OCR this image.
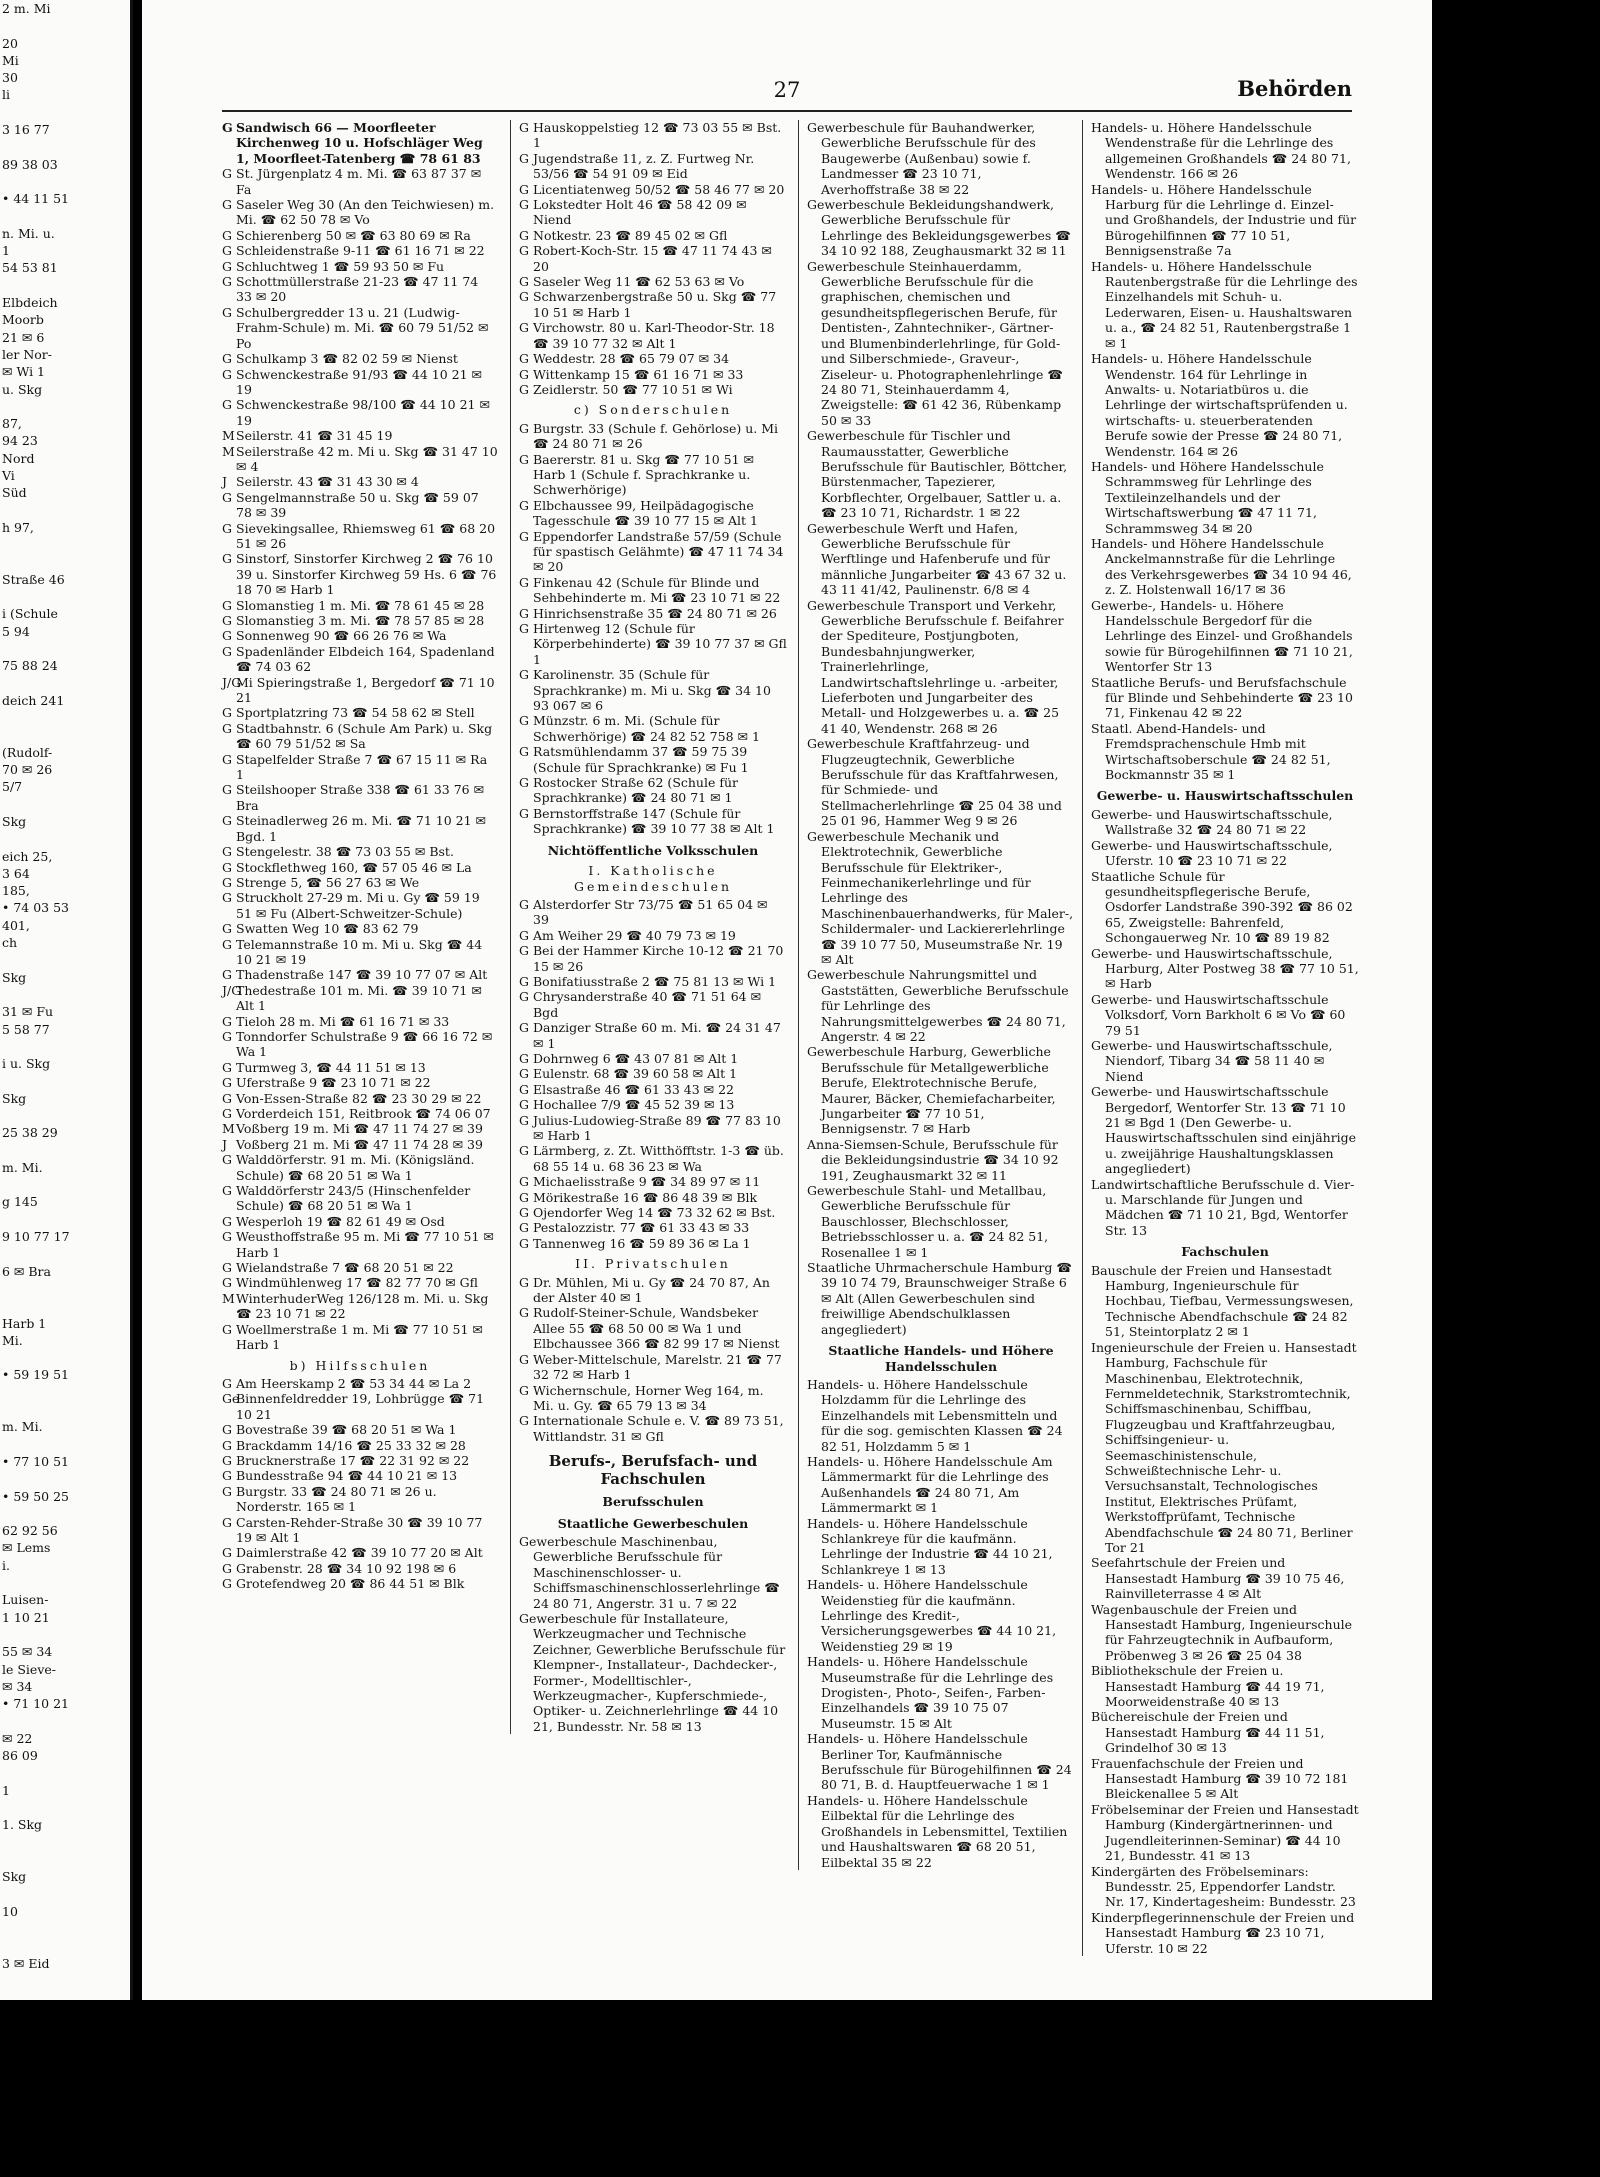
2 m. Mi

20
Mi
30
li

3 16 77

89 38 03

• 44 11 51

n. Mi. u.
1
54 53 81

Elbdeich
Moorb
21 ✉ 6
ler Nor-
✉ Wi 1
u. Skg

87,
94 23
Nord
Vi
Süd

h 97,

Straße 46

i (Schule
5 94

75 88 24

deich 241

(Rudolf-
70 ✉ 26
5/7

Skg

eich 25,
3 64
185,
• 74 03 53
401,
ch

Skg

31 ✉ Fu
5 58 77

i u. Skg

Skg

25 38 29

m. Mi.

g 145

9 10 77 17

6 ✉ Bra

Harb 1
Mi.

• 59 19 51

m. Mi.

• 77 10 51

• 59 50 25

62 92 56
✉ Lems
i.

Luisen-
1 10 21

55 ✉ 34
le Sieve-
✉ 34
• 71 10 21

✉ 22
86 09

1

1. Skg

Skg

10

3 ✉ Eid
27	Behörden
G Sandwisch 66 — Moorfleeter Kirchenweg 10 u. Hofschläger Weg 1, Moorfleet-Tatenberg ☎ 78 61 83
G St. Jürgenplatz 4 m. Mi. ☎ 63 87 37 ✉ Fa
G Saseler Weg 30 (An den Teichwiesen) m. Mi. ☎ 62 50 78 ✉ Vo
G Schierenberg 50 ✉ ☎ 63 80 69 ✉ Ra
G Schleidenstraße 9-11 ☎ 61 16 71 ✉ 22
G Schluchtweg 1 ☎ 59 93 50 ✉ Fu
G Schottmüllerstraße 21-23 ☎ 47 11 74 33 ✉ 20
G Schulbergredder 13 u. 21 (Ludwig-Frahm-Schule) m. Mi. ☎ 60 79 51/52 ✉ Po
G Schulkamp 3 ☎ 82 02 59 ✉ Nienst
G Schwenckestraße 91/93 ☎ 44 10 21 ✉ 19
G Schwenckestraße 98/100 ☎ 44 10 21 ✉ 19
MSeilerstr. 41 ☎ 31 45 19
MSeilerstraße 42 m. Mi u. Skg ☎ 31 47 10 ✉ 4
J Seilerstr. 43 ☎ 31 43 30 ✉ 4
G Sengelmannstraße 50 u. Skg ☎ 59 07 78 ✉ 39
G Sievekingsallee, Rhiemsweg 61 ☎ 68 20 51 ✉ 26
G Sinstorf, Sinstorfer Kirchweg 2 ☎ 76 10 39 u. Sinstorfer Kirchweg 59 Hs. 6 ☎ 76 18 70 ✉ Harb 1
G Slomanstieg 1 m. Mi. ☎ 78 61 45 ✉ 28
G Slomanstieg 3 m. Mi. ☎ 78 57 85 ✉ 28
G Sonnenweg 90 ☎ 66 26 76 ✉ Wa
G Spadenländer Elbdeich 164, Spadenland ☎ 74 03 62
J/GMi Spieringstraße 1, Bergedorf ☎ 71 10 21
G Sportplatzring 73 ☎ 54 58 62 ✉ Stell
G Stadtbahnstr. 6 (Schule Am Park) u. Skg ☎ 60 79 51/52 ✉ Sa
G Stapelfelder Straße 7 ☎ 67 15 11 ✉ Ra 1
G Steilshooper Straße 338 ☎ 61 33 76 ✉ Bra
G Steinadlerweg 26 m. Mi. ☎ 71 10 21 ✉ Bgd. 1
G Stengelestr. 38 ☎ 73 03 55 ✉ Bst.
G Stockflethweg 160, ☎ 57 05 46 ✉ La
G Strenge 5, ☎ 56 27 63 ✉ We
G Struckholt 27-29 m. Mi u. Gy ☎ 59 19 51 ✉ Fu (Albert-Schweitzer-Schule)
G Swatten Weg 10 ☎ 83 62 79
G Telemannstraße 10 m. Mi u. Skg ☎ 44 10 21 ✉ 19
G Thadenstraße 147 ☎ 39 10 77 07 ✉ Alt
J/GThedestraße 101 m. Mi. ☎ 39 10 71 ✉ Alt 1
G Tieloh 28 m. Mi ☎ 61 16 71 ✉ 33
G Tonndorfer Schulstraße 9 ☎ 66 16 72 ✉ Wa 1
G Turmweg 3, ☎ 44 11 51 ✉ 13
G Uferstraße 9 ☎ 23 10 71 ✉ 22
G Von-Essen-Straße 82 ☎ 23 30 29 ✉ 22
G Vorderdeich 151, Reitbrook ☎ 74 06 07
MVoßberg 19 m. Mi ☎ 47 11 74 27 ✉ 39
J Voßberg 21 m. Mi ☎ 47 11 74 28 ✉ 39
G Walddörferstr. 91 m. Mi. (Königsländ. Schule) ☎ 68 20 51 ✉ Wa 1
G Walddörferstr 243/5 (Hinschenfelder Schule) ☎ 68 20 51 ✉ Wa 1
G Wesperloh 19 ☎ 82 61 49 ✉ Osd
G Weusthoffstraße 95 m. Mi ☎ 77 10 51 ✉ Harb 1
G Wielandstraße 7 ☎ 68 20 51 ✉ 22
G Windmühlenweg 17 ☎ 82 77 70 ✉ Gfl
MWinterhuderWeg 126/128 m. Mi. u. Skg ☎ 23 10 71 ✉ 22
G Woellmerstraße 1 m. Mi ☎ 77 10 51 ✉ Harb 1
b) Hilfsschulen
G Am Heerskamp 2 ☎ 53 34 44 ✉ La 2
GeBinnenfeldredder 19, Lohbrügge ☎ 71 10 21
G Bovestraße 39 ☎ 68 20 51 ✉ Wa 1
G Brackdamm 14/16 ☎ 25 33 32 ✉ 28
G Brucknerstraße 17 ☎ 22 31 92 ✉ 22
G Bundesstraße 94 ☎ 44 10 21 ✉ 13
G Burgstr. 33 ☎ 24 80 71 ✉ 26 u. Norderstr. 165 ✉ 1
G Carsten-Rehder-Straße 30 ☎ 39 10 77 19 ✉ Alt 1
G Daimlerstraße 42 ☎ 39 10 77 20 ✉ Alt
G Grabenstr. 28 ☎ 34 10 92 198 ✉ 6
G Grotefendweg 20 ☎ 86 44 51 ✉ Blk
G Hauskoppelstieg 12 ☎ 73 03 55 ✉ Bst. 1
G Jugendstraße 11, z. Z. Furtweg Nr. 53/56 ☎ 54 91 09 ✉ Eid
G Licentiatenweg 50/52 ☎ 58 46 77 ✉ 20
G Lokstedter Holt 46 ☎ 58 42 09 ✉ Niend
G Notkestr. 23 ☎ 89 45 02 ✉ Gfl
G Robert-Koch-Str. 15 ☎ 47 11 74 43 ✉ 20
G Saseler Weg 11 ☎ 62 53 63 ✉ Vo
G Schwarzenbergstraße 50 u. Skg ☎ 77 10 51 ✉ Harb 1
G Virchowstr. 80 u. Karl-Theodor-Str. 18 ☎ 39 10 77 32 ✉ Alt 1
G Weddestr. 28 ☎ 65 79 07 ✉ 34
G Wittenkamp 15 ☎ 61 16 71 ✉ 33
G Zeidlerstr. 50 ☎ 77 10 51 ✉ Wi
c) Sonderschulen
G Burgstr. 33 (Schule f. Gehörlose) u. Mi ☎ 24 80 71 ✉ 26
G Baererstr. 81 u. Skg ☎ 77 10 51 ✉ Harb 1 (Schule f. Sprachkranke u. Schwerhörige)
G Elbchaussee 99, Heilpädagogische Tagesschule ☎ 39 10 77 15 ✉ Alt 1
G Eppendorfer Landstraße 57/59 (Schule für spastisch Gelähmte) ☎ 47 11 74 34 ✉ 20
G Finkenau 42 (Schule für Blinde und Sehbehinderte m. Mi ☎ 23 10 71 ✉ 22
G Hinrichsenstraße 35 ☎ 24 80 71 ✉ 26
G Hirtenweg 12 (Schule für Körperbehinderte) ☎ 39 10 77 37 ✉ Gfl 1
G Karolinenstr. 35 (Schule für Sprachkranke) m. Mi u. Skg ☎ 34 10 93 067 ✉ 6
G Münzstr. 6 m. Mi. (Schule für Schwerhörige) ☎ 24 82 52 758 ✉ 1
G Ratsmühlendamm 37 ☎ 59 75 39 (Schule für Sprachkranke) ✉ Fu 1
G Rostocker Straße 62 (Schule für Sprachkranke) ☎ 24 80 71 ✉ 1
G Bernstorffstraße 147 (Schule für Sprachkranke) ☎ 39 10 77 38 ✉ Alt 1
Nichtöffentliche Volksschulen
I. Katholische Gemeindeschulen
G Alsterdorfer Str 73/75 ☎ 51 65 04 ✉ 39
G Am Weiher 29 ☎ 40 79 73 ✉ 19
G Bei der Hammer Kirche 10-12 ☎ 21 70 15 ✉ 26
G Bonifatiusstraße 2 ☎ 75 81 13 ✉ Wi 1
G Chrysanderstraße 40 ☎ 71 51 64 ✉ Bgd
G Danziger Straße 60 m. Mi. ☎ 24 31 47 ✉ 1
G Dohrnweg 6 ☎ 43 07 81 ✉ Alt 1
G Eulenstr. 68 ☎ 39 60 58 ✉ Alt 1
G Elsastraße 46 ☎ 61 33 43 ✉ 22
G Hochallee 7/9 ☎ 45 52 39 ✉ 13
G Julius-Ludowieg-Straße 89 ☎ 77 83 10 ✉ Harb 1
G Lärmberg, z. Zt. Witthöfftstr. 1-3 ☎ üb. 68 55 14 u. 68 36 23 ✉ Wa
G Michaelisstraße 9 ☎ 34 89 97 ✉ 11
G Mörikestraße 16 ☎ 86 48 39 ✉ Blk
G Ojendorfer Weg 14 ☎ 73 32 62 ✉ Bst.
G Pestalozzistr. 77 ☎ 61 33 43 ✉ 33
G Tannenweg 16 ☎ 59 89 36 ✉ La 1
II. Privatschulen
G Dr. Mühlen, Mi u. Gy ☎ 24 70 87, An der Alster 40 ✉ 1
G Rudolf-Steiner-Schule, Wandsbeker Allee 55 ☎ 68 50 00 ✉ Wa 1 und Elbchaussee 366 ☎ 82 99 17 ✉ Nienst
G Weber-Mittelschule, Marelstr. 21 ☎ 77 32 72 ✉ Harb 1
G Wichernschule, Horner Weg 164, m. Mi. u. Gy. ☎ 65 79 13 ✉ 34
G Internationale Schule e. V. ☎ 89 73 51, Wittlandstr. 31 ✉ Gfl
Berufs-, Berufsfach- und Fachschulen
Berufsschulen
Staatliche Gewerbeschulen
Gewerbeschule Maschinenbau, Gewerbliche Berufsschule für Maschinenschlosser- u. Schiffsmaschinenschlosserlehrlinge ☎ 24 80 71, Angerstr. 31 u. 7 ✉ 22
Gewerbeschule für Installateure, Werkzeugmacher und Technische Zeichner, Gewerbliche Berufsschule für Klempner-, Installateur-, Dachdecker-, Former-, Modelltischler-, Werkzeugmacher-, Kupferschmiede-, Optiker- u. Zeichnerlehrlinge ☎ 44 10 21, Bundesstr. Nr. 58 ✉ 13
Gewerbeschule für Bauhandwerker, Gewerbliche Berufsschule für des Baugewerbe (Außenbau) sowie f. Landmesser ☎ 23 10 71, Averhoffstraße 38 ✉ 22
Gewerbeschule Bekleidungshandwerk, Gewerbliche Berufsschule für Lehrlinge des Bekleidungsgewerbes ☎ 34 10 92 188, Zeughausmarkt 32 ✉ 11
Gewerbeschule Steinhauerdamm, Gewerbliche Berufsschule für die graphischen, chemischen und gesundheitspflegerischen Berufe, für Dentisten-, Zahntechniker-, Gärtner- und Blumenbinderlehrlinge, für Gold- und Silberschmiede-, Graveur-, Ziseleur- u. Photographenlehrlinge ☎ 24 80 71, Steinhauerdamm 4, Zweigstelle: ☎ 61 42 36, Rübenkamp 50 ✉ 33
Gewerbeschule für Tischler und Raumausstatter, Gewerbliche Berufsschule für Bautischler, Böttcher, Bürstenmacher, Tapezierer, Korbflechter, Orgelbauer, Sattler u. a. ☎ 23 10 71, Richardstr. 1 ✉ 22
Gewerbeschule Werft und Hafen, Gewerbliche Berufsschule für Werftlinge und Hafenberufe und für männliche Jungarbeiter ☎ 43 67 32 u. 43 11 41/42, Paulinenstr. 6/8 ✉ 4
Gewerbeschule Transport und Verkehr, Gewerbliche Berufsschule f. Beifahrer der Spediteure, Postjungboten, Bundesbahnjungwerker, Trainerlehrlinge, Landwirtschaftslehrlinge u. -arbeiter, Lieferboten und Jungarbeiter des Metall- und Holzgewerbes u. a. ☎ 25 41 40, Wendenstr. 268 ✉ 26
Gewerbeschule Kraftfahrzeug- und Flugzeugtechnik, Gewerbliche Berufsschule für das Kraftfahrwesen, für Schmiede- und Stellmacherlehrlinge ☎ 25 04 38 und 25 01 96, Hammer Weg 9 ✉ 26
Gewerbeschule Mechanik und Elektrotechnik, Gewerbliche Berufsschule für Elektriker-, Feinmechanikerlehrlinge und für Lehrlinge des Maschinenbauerhandwerks, für Maler-, Schildermaler- und Lackiererlehrlinge ☎ 39 10 77 50, Museumstraße Nr. 19 ✉ Alt
Gewerbeschule Nahrungsmittel und Gaststätten, Gewerbliche Berufsschule für Lehrlinge des Nahrungsmittelgewerbes ☎ 24 80 71, Angerstr. 4 ✉ 22
Gewerbeschule Harburg, Gewerbliche Berufsschule für Metallgewerbliche Berufe, Elektrotechnische Berufe, Maurer, Bäcker, Chemiefacharbeiter, Jungarbeiter ☎ 77 10 51, Bennigsenstr. 7 ✉ Harb
Anna-Siemsen-Schule, Berufsschule für die Bekleidungsindustrie ☎ 34 10 92 191, Zeughausmarkt 32 ✉ 11
Gewerbeschule Stahl- und Metallbau, Gewerbliche Berufsschule für Bauschlosser, Blechschlosser, Betriebsschlosser u. a. ☎ 24 82 51, Rosenallee 1 ✉ 1
Staatliche Uhrmacherschule Hamburg ☎ 39 10 74 79, Braunschweiger Straße 6 ✉ Alt (Allen Gewerbeschulen sind freiwillige Abendschulklassen angegliedert)
Staatliche Handels- und Höhere Handelsschulen
Handels- u. Höhere Handelsschule Holzdamm für die Lehrlinge des Einzelhandels mit Lebensmitteln und für die sog. gemischten Klassen ☎ 24 82 51, Holzdamm 5 ✉ 1
Handels- u. Höhere Handelsschule Am Lämmermarkt für die Lehrlinge des Außenhandels ☎ 24 80 71, Am Lämmermarkt ✉ 1
Handels- u. Höhere Handelsschule Schlankreye für die kaufmänn. Lehrlinge der Industrie ☎ 44 10 21, Schlankreye 1 ✉ 13
Handels- u. Höhere Handelsschule Weidenstieg für die kaufmänn. Lehrlinge des Kredit-, Versicherungsgewerbes ☎ 44 10 21, Weidenstieg 29 ✉ 19
Handels- u. Höhere Handelsschule Museumstraße für die Lehrlinge des Drogisten-, Photo-, Seifen-, Farben-Einzelhandels ☎ 39 10 75 07 Museumstr. 15 ✉ Alt
Handels- u. Höhere Handelsschule Berliner Tor, Kaufmännische Berufsschule für Bürogehilfinnen ☎ 24 80 71, B. d. Hauptfeuerwache 1 ✉ 1
Handels- u. Höhere Handelsschule Eilbektal für die Lehrlinge des Großhandels in Lebensmittel, Textilien und Haushaltswaren ☎ 68 20 51, Eilbektal 35 ✉ 22
Handels- u. Höhere Handelsschule Wendenstraße für die Lehrlinge des allgemeinen Großhandels ☎ 24 80 71, Wendenstr. 166 ✉ 26
Handels- u. Höhere Handelsschule Harburg für die Lehrlinge d. Einzel- und Großhandels, der Industrie und für Bürogehilfinnen ☎ 77 10 51, Bennigsenstraße 7a
Handels- u. Höhere Handelsschule Rautenbergstraße für die Lehrlinge des Einzelhandels mit Schuh- u. Lederwaren, Eisen- u. Haushaltswaren u. a., ☎ 24 82 51, Rautenbergstraße 1 ✉ 1
Handels- u. Höhere Handelsschule Wendenstr. 164 für Lehrlinge in Anwalts- u. Notariatbüros u. die Lehrlinge der wirtschaftsprüfenden u. wirtschafts- u. steuerberatenden Berufe sowie der Presse ☎ 24 80 71, Wendenstr. 164 ✉ 26
Handels- und Höhere Handelsschule Schrammsweg für Lehrlinge des Textileinzelhandels und der Wirtschaftswerbung ☎ 47 11 71, Schrammsweg 34 ✉ 20
Handels- und Höhere Handelsschule Anckelmannstraße für die Lehrlinge des Verkehrsgewerbes ☎ 34 10 94 46, z. Z. Holstenwall 16/17 ✉ 36
Gewerbe-, Handels- u. Höhere Handelsschule Bergedorf für die Lehrlinge des Einzel- und Großhandels sowie für Bürogehilfinnen ☎ 71 10 21, Wentorfer Str 13
Staatliche Berufs- und Berufsfachschule für Blinde und Sehbehinderte ☎ 23 10 71, Finkenau 42 ✉ 22
Staatl. Abend-Handels- und Fremdsprachenschule Hmb mit Wirtschaftsoberschule ☎ 24 82 51, Bockmannstr 35 ✉ 1
Gewerbe- u. Hauswirtschaftsschulen
Gewerbe- und Hauswirtschaftsschule, Wallstraße 32 ☎ 24 80 71 ✉ 22
Gewerbe- und Hauswirtschaftsschule, Uferstr. 10 ☎ 23 10 71 ✉ 22
Staatliche Schule für gesundheitspflegerische Berufe, Osdorfer Landstraße 390-392 ☎ 86 02 65, Zweigstelle: Bahrenfeld, Schongauerweg Nr. 10 ☎ 89 19 82
Gewerbe- und Hauswirtschaftsschule, Harburg, Alter Postweg 38 ☎ 77 10 51, ✉ Harb
Gewerbe- und Hauswirtschaftsschule Volksdorf, Vorn Barkholt 6 ✉ Vo ☎ 60 79 51
Gewerbe- und Hauswirtschaftsschule, Niendorf, Tibarg 34 ☎ 58 11 40 ✉ Niend
Gewerbe- und Hauswirtschaftsschule Bergedorf, Wentorfer Str. 13 ☎ 71 10 21 ✉ Bgd 1 (Den Gewerbe- u. Hauswirtschaftsschulen sind einjährige u. zweijährige Haushaltungsklassen angegliedert)
Landwirtschaftliche Berufsschule d. Vier- u. Marschlande für Jungen und Mädchen ☎ 71 10 21, Bgd, Wentorfer Str. 13
Fachschulen
Bauschule der Freien und Hansestadt Hamburg, Ingenieurschule für Hochbau, Tiefbau, Vermessungswesen, Technische Abendfachschule ☎ 24 82 51, Steintorplatz 2 ✉ 1
Ingenieurschule der Freien u. Hansestadt Hamburg, Fachschule für Maschinenbau, Elektrotechnik, Fernmeldetechnik, Starkstromtechnik, Schiffsmaschinenbau, Schiffbau, Flugzeugbau und Kraftfahrzeugbau, Schiffsingenieur- u. Seemaschinistenschule, Schweißtechnische Lehr- u. Versuchsanstalt, Technologisches Institut, Elektrisches Prüfamt, Werkstoffprüfamt, Technische Abendfachschule ☎ 24 80 71, Berliner Tor 21
Seefahrtschule der Freien und Hansestadt Hamburg ☎ 39 10 75 46, Rainvilleterrasse 4 ✉ Alt
Wagenbauschule der Freien und Hansestadt Hamburg, Ingenieurschule für Fahrzeugtechnik in Aufbauform, Pröbenweg 3 ✉ 26 ☎ 25 04 38
Bibliothekschule der Freien u. Hansestadt Hamburg ☎ 44 19 71, Moorweidenstraße 40 ✉ 13
Büchereischule der Freien und Hansestadt Hamburg ☎ 44 11 51, Grindelhof 30 ✉ 13
Frauenfachschule der Freien und Hansestadt Hamburg ☎ 39 10 72 181 Bleickenallee 5 ✉ Alt
Fröbelseminar der Freien und Hansestadt Hamburg (Kindergärtnerinnen- und Jugendleiterinnen-Seminar) ☎ 44 10 21, Bundesstr. 41 ✉ 13
Kindergärten des Fröbelseminars: Bundesstr. 25, Eppendorfer Landstr. Nr. 17, Kindertagesheim: Bundesstr. 23
Kinderpflegerinnenschule der Freien und Hansestadt Hamburg ☎ 23 10 71, Uferstr. 10 ✉ 22
